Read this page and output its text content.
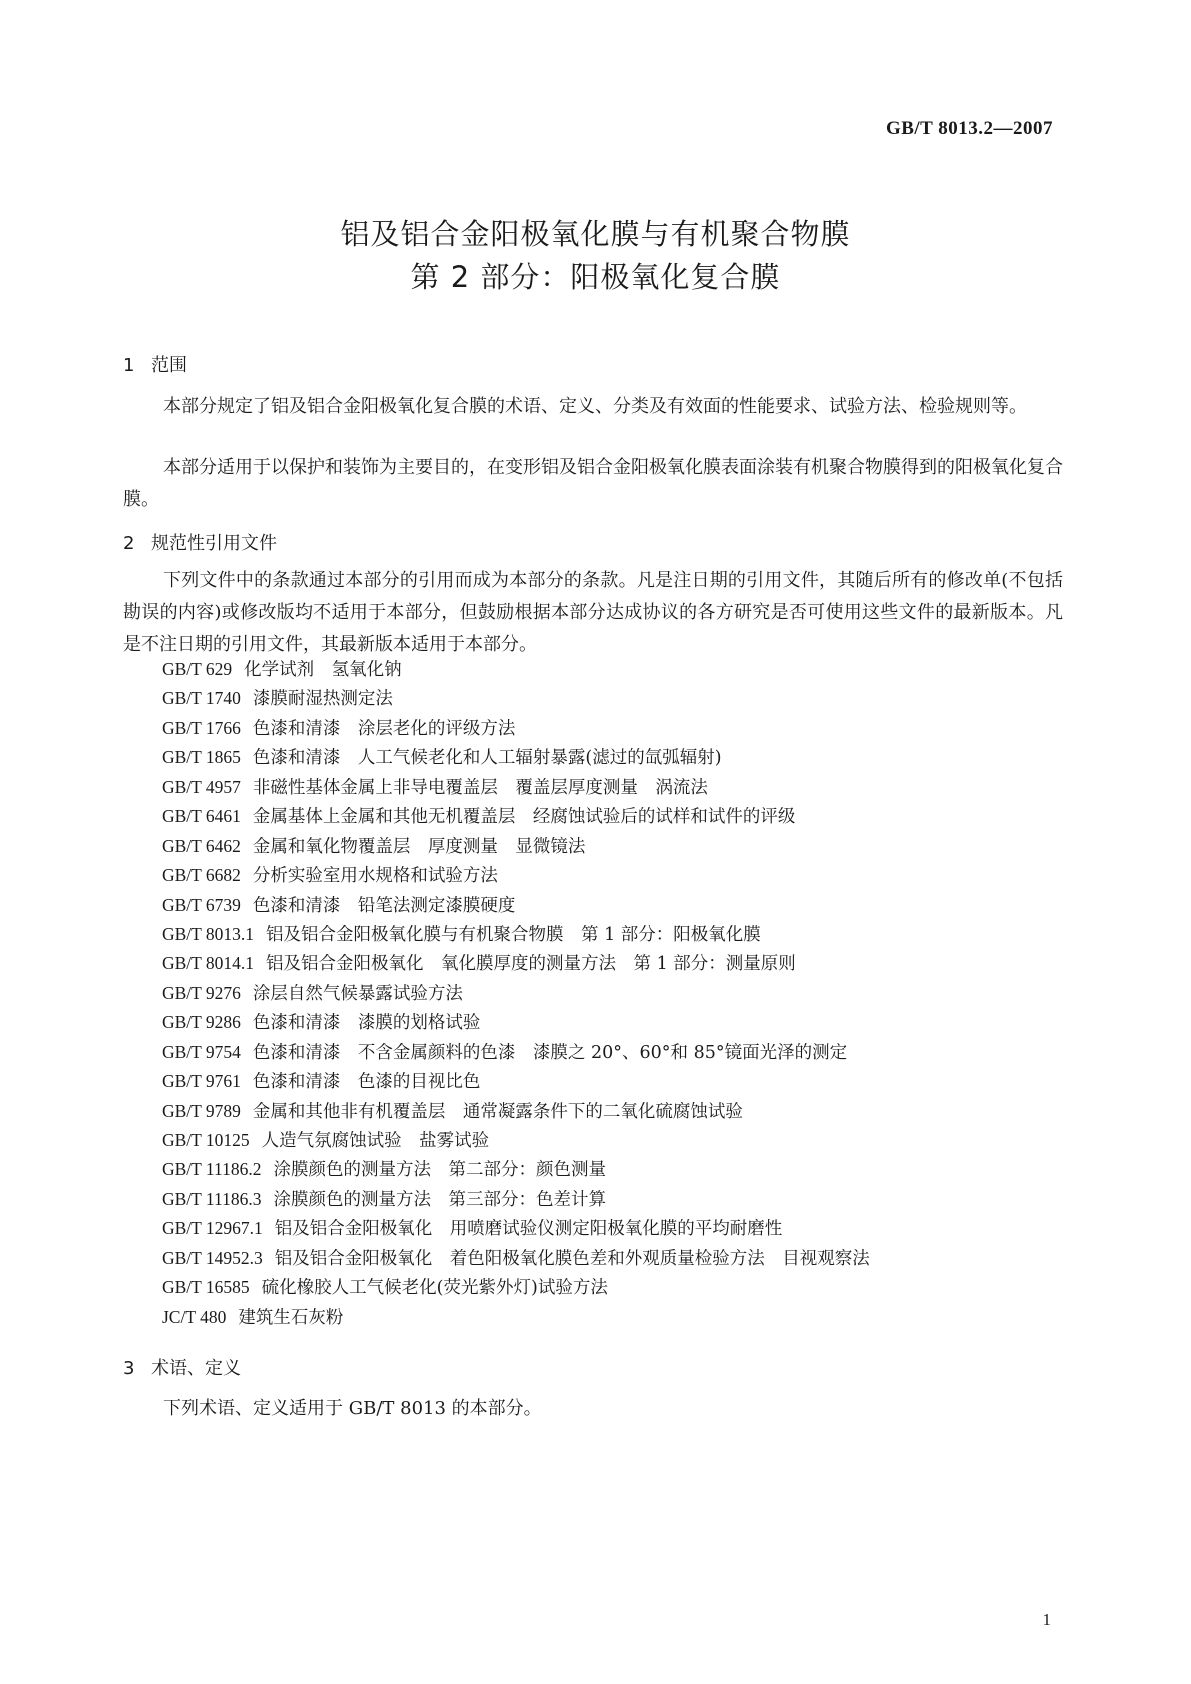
GB/T 8013.2—2007
铝及铝合金阳极氧化膜与有机聚合物膜
第 2 部分：阳极氧化复合膜
1 范围

本部分规定了铝及铝合金阳极氧化复合膜的术语、定义、分类及有效面的性能要求、试验方法、检验规则等。

本部分适用于以保护和装饰为主要目的，在变形铝及铝合金阳极氧化膜表面涂装有机聚合物膜得到的阳极氧化复合膜。

2 规范性引用文件

下列文件中的条款通过本部分的引用而成为本部分的条款。凡是注日期的引用文件，其随后所有的修改单(不包括勘误的内容)或修改版均不适用于本部分，但鼓励根据本部分达成协议的各方研究是否可使用这些文件的最新版本。凡是不注日期的引用文件，其最新版本适用于本部分。

GB/T 629 化学试剂　氢氧化钠
GB/T 1740 漆膜耐湿热测定法
GB/T 1766 色漆和清漆　涂层老化的评级方法
GB/T 1865 色漆和清漆　人工气候老化和人工辐射暴露(滤过的氙弧辐射)
GB/T 4957 非磁性基体金属上非导电覆盖层　覆盖层厚度测量　涡流法
GB/T 6461 金属基体上金属和其他无机覆盖层　经腐蚀试验后的试样和试件的评级
GB/T 6462 金属和氧化物覆盖层　厚度测量　显微镜法
GB/T 6682 分析实验室用水规格和试验方法
GB/T 6739 色漆和清漆　铅笔法测定漆膜硬度
GB/T 8013.1 铝及铝合金阳极氧化膜与有机聚合物膜　第 1 部分：阳极氧化膜
GB/T 8014.1 铝及铝合金阳极氧化　氧化膜厚度的测量方法　第 1 部分：测量原则
GB/T 9276 涂层自然气候暴露试验方法
GB/T 9286 色漆和清漆　漆膜的划格试验
GB/T 9754 色漆和清漆　不含金属颜料的色漆　漆膜之 20°、60°和 85°镜面光泽的测定
GB/T 9761 色漆和清漆　色漆的目视比色
GB/T 9789 金属和其他非有机覆盖层　通常凝露条件下的二氧化硫腐蚀试验
GB/T 10125 人造气氛腐蚀试验　盐雾试验
GB/T 11186.2 涂膜颜色的测量方法　第二部分：颜色测量
GB/T 11186.3 涂膜颜色的测量方法　第三部分：色差计算
GB/T 12967.1 铝及铝合金阳极氧化　用喷磨试验仪测定阳极氧化膜的平均耐磨性
GB/T 14952.3 铝及铝合金阳极氧化　着色阳极氧化膜色差和外观质量检验方法　目视观察法
GB/T 16585 硫化橡胶人工气候老化(荧光紫外灯)试验方法
JC/T 480 建筑生石灰粉
3 术语、定义

下列术语、定义适用于 GB/T 8013 的本部分。

1
